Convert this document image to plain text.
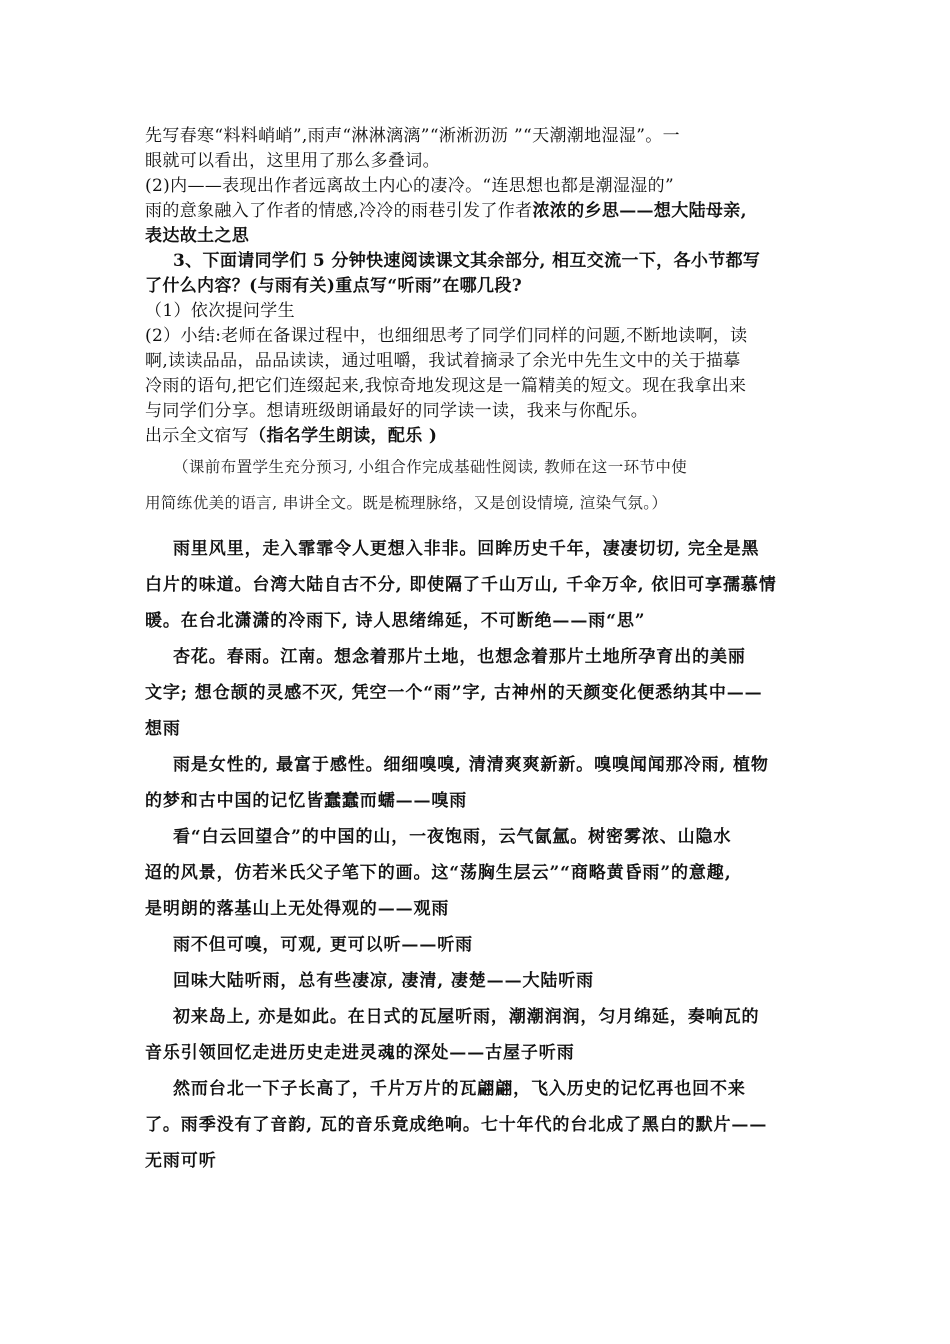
先写春寒“料料峭峭”,雨声“淋淋漓漓”“淅淅沥沥 ”“天潮潮地湿湿”。一
眼就可以看出，这里用了那么多叠词。
(2)内——表现出作者远离故土内心的凄冷。“连思想也都是潮湿湿的”
雨的意象融入了作者的情感,冷冷的雨巷引发了作者浓浓的乡思——想大陆母亲,
表达故土之思
3、下面请同学们 5 分钟快速阅读课文其余部分, 相互交流一下，各小节都写
了什么内容？(与雨有关)重点写“听雨”在哪几段?
（1）依次提问学生
(2）小结:老师在备课过程中，也细细思考了同学们同样的问题,不断地读啊，读
啊,读读品品，品品读读，通过咀嚼，我试着摘录了余光中先生文中的关于描摹
冷雨的语句,把它们连缀起来,我惊奇地发现这是一篇精美的短文。现在我拿出来
与同学们分享。想请班级朗诵最好的同学读一读，我来与你配乐。
出示全文宿写（指名学生朗读，配乐 )
（课前布置学生充分预习, 小组合作完成基础性阅读, 教师在这一环节中使
用简练优美的语言, 串讲全文。既是梳理脉络，又是创设情境, 渲染气氛。）
雨里风里，走入霏霏令人更想入非非。回眸历史千年，凄凄切切, 完全是黑
白片的味道。台湾大陆自古不分, 即使隔了千山万山, 千伞万伞, 依旧可享孺慕情
暖。在台北潇潇的冷雨下, 诗人思绪绵延，不可断绝——雨“思”
杏花。春雨。江南。想念着那片土地，也想念着那片土地所孕育出的美丽
文字; 想仓颉的灵感不灭, 凭空一个“雨”字, 古神州的天颜变化便悉纳其中——
想雨
雨是女性的, 最富于感性。细细嗅嗅, 清清爽爽新新。嗅嗅闻闻那冷雨, 植物
的梦和古中国的记忆皆蠢蠢而蠕——嗅雨
看“白云回望合”的中国的山，一夜饱雨，云气氤氲。树密雾浓、山隐水
迢的风景，仿若米氏父子笔下的画。这“荡胸生层云”“商略黄昏雨”的意趣,
是明朗的落基山上无处得观的——观雨
雨不但可嗅，可观, 更可以听——听雨
回味大陆听雨，总有些凄凉, 凄清, 凄楚——大陆听雨
初来岛上, 亦是如此。在日式的瓦屋听雨，潮潮润润，匀月绵延，奏响瓦的
音乐引领回忆走进历史走进灵魂的深处——古屋子听雨
然而台北一下子长高了，千片万片的瓦翩翩，飞入历史的记忆再也回不来
了。雨季没有了音韵, 瓦的音乐竟成绝响。七十年代的台北成了黑白的默片——
无雨可听
